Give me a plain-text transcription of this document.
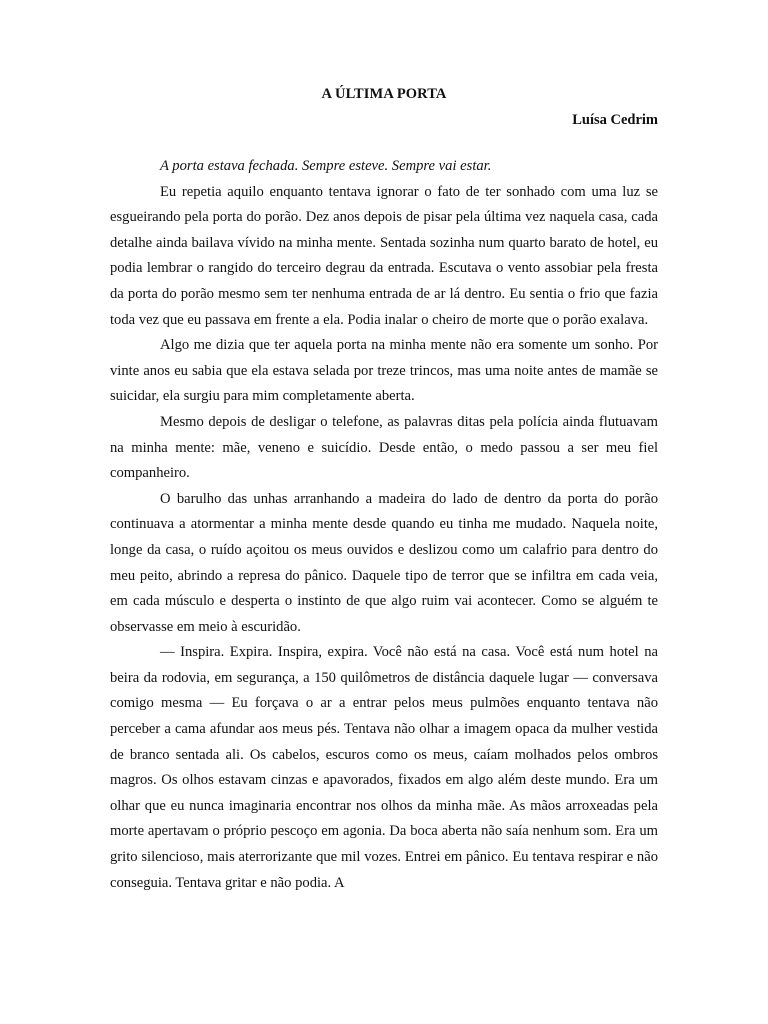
A ÚLTIMA PORTA
Luísa Cedrim

A porta estava fechada. Sempre esteve. Sempre vai estar.

Eu repetia aquilo enquanto tentava ignorar o fato de ter sonhado com uma luz se esgueirando pela porta do porão. Dez anos depois de pisar pela última vez naquela casa, cada detalhe ainda bailava vívido na minha mente. Sentada sozinha num quarto barato de hotel, eu podia lembrar o rangido do terceiro degrau da entrada. Escutava o vento assobiar pela fresta da porta do porão mesmo sem ter nenhuma entrada de ar lá dentro. Eu sentia o frio que fazia toda vez que eu passava em frente a ela. Podia inalar o cheiro de morte que o porão exalava.

Algo me dizia que ter aquela porta na minha mente não era somente um sonho. Por vinte anos eu sabia que ela estava selada por treze trincos, mas uma noite antes de mamãe se suicidar, ela surgiu para mim completamente aberta.

Mesmo depois de desligar o telefone, as palavras ditas pela polícia ainda flutuavam na minha mente: mãe, veneno e suicídio. Desde então, o medo passou a ser meu fiel companheiro.

O barulho das unhas arranhando a madeira do lado de dentro da porta do porão continuava a atormentar a minha mente desde quando eu tinha me mudado. Naquela noite, longe da casa, o ruído açoitou os meus ouvidos e deslizou como um calafrio para dentro do meu peito, abrindo a represa do pânico. Daquele tipo de terror que se infiltra em cada veia, em cada músculo e desperta o instinto de que algo ruim vai acontecer. Como se alguém te observasse em meio à escuridão.

— Inspira. Expira. Inspira, expira. Você não está na casa. Você está num hotel na beira da rodovia, em segurança, a 150 quilômetros de distância daquele lugar — conversava comigo mesma — Eu forçava o ar a entrar pelos meus pulmões enquanto tentava não perceber a cama afundar aos meus pés. Tentava não olhar a imagem opaca da mulher vestida de branco sentada ali. Os cabelos, escuros como os meus, caíam molhados pelos ombros magros. Os olhos estavam cinzas e apavorados, fixados em algo além deste mundo. Era um olhar que eu nunca imaginaria encontrar nos olhos da minha mãe. As mãos arroxeadas pela morte apertavam o próprio pescoço em agonia. Da boca aberta não saía nenhum som. Era um grito silencioso, mais aterrorizante que mil vozes. Entrei em pânico. Eu tentava respirar e não conseguia. Tentava gritar e não podia. A
